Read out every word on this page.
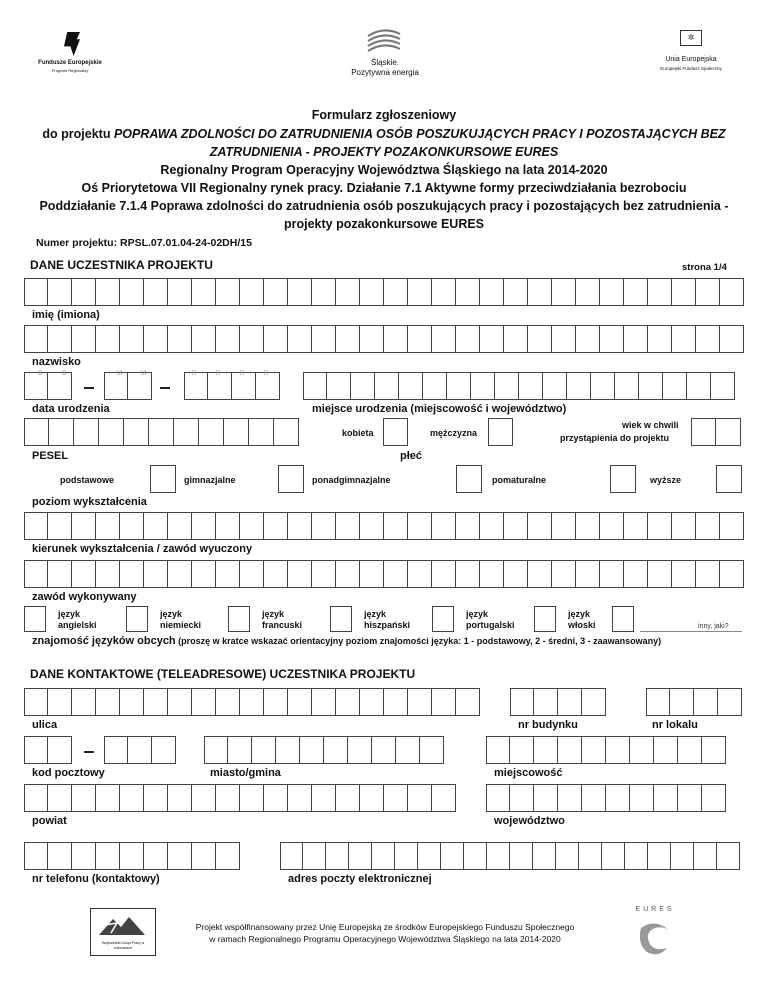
Fundusze Europejskie
Program Regionalny
Śląskie.
Pozytywna energia
✲
Unia Europejska
Europejski Fundusz Społeczny
Formularz zgłoszeniowy
do projektu POPRAWA ZDOLNOŚCI DO ZATRUDNIENIA OSÓB POSZUKUJĄCYCH PRACY I POZOSTAJĄCYCH BEZ
ZATRUDNIENIA - PROJEKTY POZAKONKURSOWE EURES
Regionalny Program Operacyjny Województwa Śląskiego na lata 2014-2020
Oś Priorytetowa VII Regionalny rynek pracy. Działanie 7.1 Aktywne formy przeciwdziałania bezrobociu
Poddziałanie 7.1.4 Poprawa zdolności do zatrudnienia osób poszukujących pracy i pozostających bez zatrudnienia -
projekty pozakonkursowe EURES
Numer projektu: RPSL.07.01.04-24-02DH/15
DANE UCZESTNIKA PROJEKTU	strona 1/4
imię (imiona)
nazwisko
D	D	M	M	R	R	R	R
data urodzenia	miejsce urodzenia (miejscowość i województwo)
kobieta	mężczyzna
wiek w chwili
przystąpienia do projektu
PESEL	płeć
podstawowe	gimnazjalne	ponadgimnazjalne	pomaturalne	wyższe
poziom wykształcenia
kierunek wykształcenia / zawód wyuczony
zawód wykonywany
język
angielski
język
niemiecki
język
francuski
język
hiszpański
język
portugalski
język
włoski	inny, jaki?
znajomość języków obcych (proszę w kratce wskazać orientacyjny poziom znajomości języka: 1 - podstawowy, 2 - średni, 3 - zaawansowany)
DANE KONTAKTOWE (TELEADRESOWE) UCZESTNIKA PROJEKTU
ulica	nr budynku	nr lokalu
kod pocztowy	miasto/gmina	miejscowość
powiat	województwo
nr telefonu (kontaktowy)	adres poczty elektronicznej
Wojewódzki Urząd Pracy w Katowicach
Projekt współfinansowany przez Unię Europejską ze środków Europejskiego Funduszu Społecznego
w ramach Regionalnego Programu Operacyjnego Województwa Śląskiego na lata 2014-2020
EURES
